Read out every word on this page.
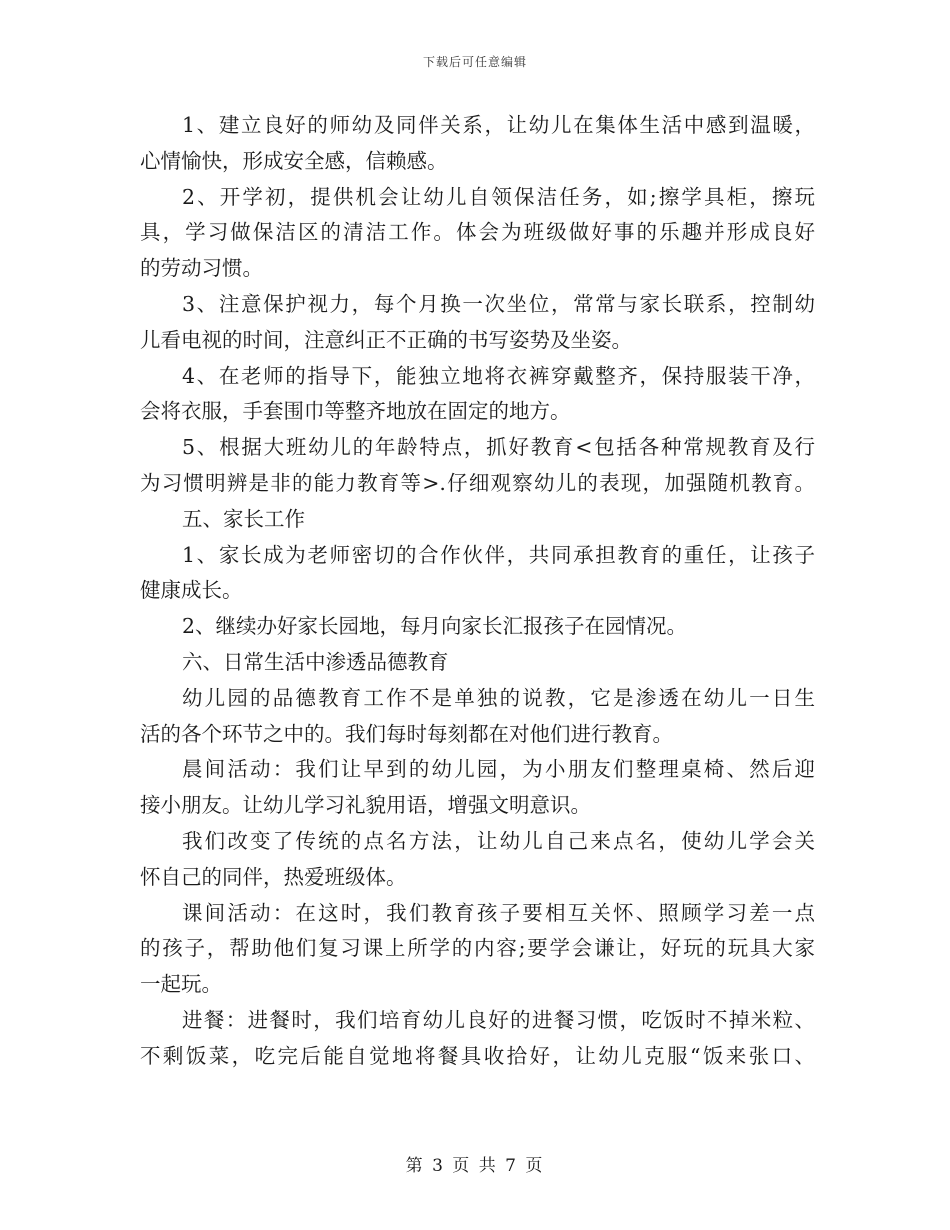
下载后可任意编辑
1、建立良好的师幼及同伴关系，让幼儿在集体生活中感到温暖，
心情愉快，形成安全感，信赖感。
2、开学初，提供机会让幼儿自领保洁任务，如;擦学具柜，擦玩
具，学习做保洁区的清洁工作。体会为班级做好事的乐趣并形成良好
的劳动习惯。
3、注意保护视力，每个月换一次坐位，常常与家长联系，控制幼
儿看电视的时间，注意纠正不正确的书写姿势及坐姿。
4、在老师的指导下，能独立地将衣裤穿戴整齐，保持服装干净，
会将衣服，手套围巾等整齐地放在固定的地方。
5、根据大班幼儿的年龄特点，抓好教育<包括各种常规教育及行
为习惯明辨是非的能力教育等>.仔细观察幼儿的表现，加强随机教育。
五、家长工作
1、家长成为老师密切的合作伙伴，共同承担教育的重任，让孩子
健康成长。
2、继续办好家长园地，每月向家长汇报孩子在园情况。
六、日常生活中渗透品德教育
幼儿园的品德教育工作不是单独的说教，它是渗透在幼儿一日生
活的各个环节之中的。我们每时每刻都在对他们进行教育。
晨间活动：我们让早到的幼儿园，为小朋友们整理桌椅、然后迎
接小朋友。让幼儿学习礼貌用语，增强文明意识。
我们改变了传统的点名方法，让幼儿自己来点名，使幼儿学会关
怀自己的同伴，热爱班级体。
课间活动：在这时，我们教育孩子要相互关怀、照顾学习差一点
的孩子，帮助他们复习课上所学的内容;要学会谦让，好玩的玩具大家
一起玩。
进餐：进餐时，我们培育幼儿良好的进餐习惯，吃饭时不掉米粒、
不剩饭菜，吃完后能自觉地将餐具收拾好，让幼儿克服“饭来张口、
第 3 页 共 7 页
